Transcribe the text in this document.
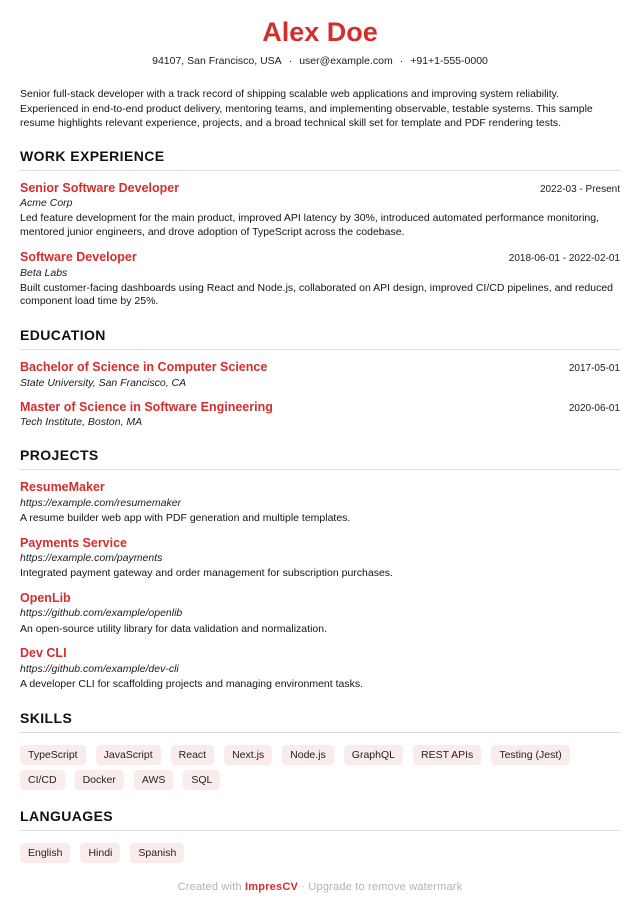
Alex Doe
94107, San Francisco, USA · user@example.com · +91+1-555-0000
Senior full-stack developer with a track record of shipping scalable web applications and improving system reliability. Experienced in end-to-end product delivery, mentoring teams, and implementing observable, testable systems. This sample resume highlights relevant experience, projects, and a broad technical skill set for template and PDF rendering tests.
WORK EXPERIENCE
Senior Software Developer	2022-03 - Present
Acme Corp
Led feature development for the main product, improved API latency by 30%, introduced automated performance monitoring, mentored junior engineers, and drove adoption of TypeScript across the codebase.
Software Developer	2018-06-01 - 2022-02-01
Beta Labs
Built customer-facing dashboards using React and Node.js, collaborated on API design, improved CI/CD pipelines, and reduced component load time by 25%.
EDUCATION
Bachelor of Science in Computer Science	2017-05-01
State University, San Francisco, CA
Master of Science in Software Engineering	2020-06-01
Tech Institute, Boston, MA
PROJECTS
ResumeMaker
https://example.com/resumemaker
A resume builder web app with PDF generation and multiple templates.
Payments Service
https://example.com/payments
Integrated payment gateway and order management for subscription purchases.
OpenLib
https://github.com/example/openlib
An open-source utility library for data validation and normalization.
Dev CLI
https://github.com/example/dev-cli
A developer CLI for scaffolding projects and managing environment tasks.
SKILLS
TypeScript	JavaScript	React	Next.js	Node.js	GraphQL	REST APIs	Testing (Jest)
CI/CD	Docker	AWS	SQL
LANGUAGES
English	Hindi	Spanish
Created with ImpresCV · Upgrade to remove watermark
